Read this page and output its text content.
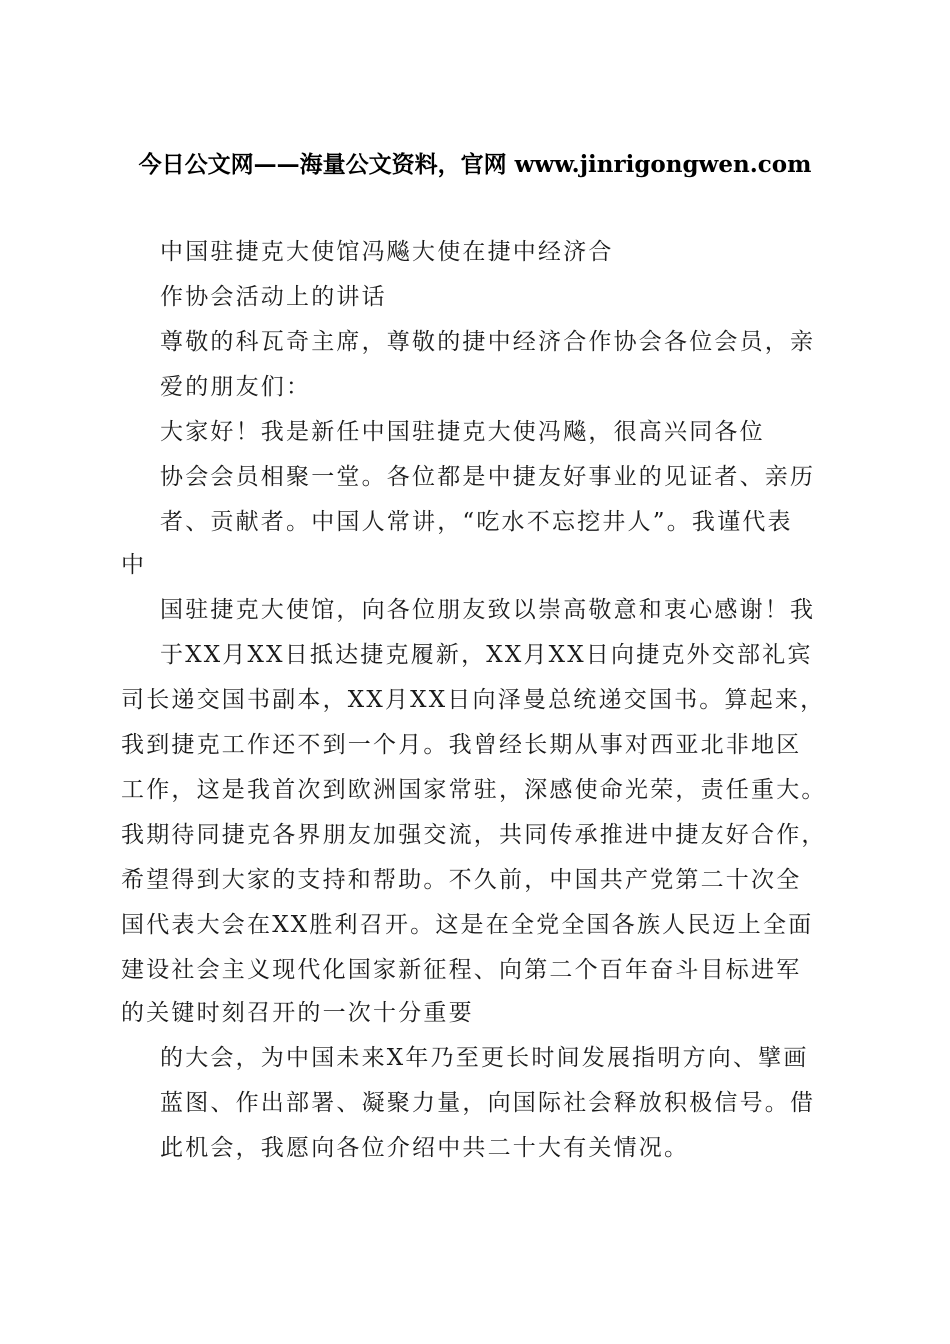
今日公文网——海量公文资料，官网 www.jinrigongwen.com
中国驻捷克大使馆冯飚大使在捷中经济合
作协会活动上的讲话
尊敬的科瓦奇主席，尊敬的捷中经济合作协会各位会员，亲
爱的朋友们：
大家好！我是新任中国驻捷克大使冯飚，很高兴同各位
协会会员相聚一堂。各位都是中捷友好事业的见证者、亲历
者、贡献者。中国人常讲，“吃水不忘挖井人”。我谨代表
中
国驻捷克大使馆，向各位朋友致以崇高敬意和衷心感谢！我
于XX月XX日抵达捷克履新，XX月XX日向捷克外交部礼宾
司长递交国书副本，XX月XX日向泽曼总统递交国书。算起来，
我到捷克工作还不到一个月。我曾经长期从事对西亚北非地区
工作，这是我首次到欧洲国家常驻，深感使命光荣，责任重大。
我期待同捷克各界朋友加强交流，共同传承推进中捷友好合作，
希望得到大家的支持和帮助。不久前，中国共产党第二十次全
国代表大会在XX胜利召开。这是在全党全国各族人民迈上全面
建设社会主义现代化国家新征程、向第二个百年奋斗目标进军
的关键时刻召开的一次十分重要
的大会，为中国未来X年乃至更长时间发展指明方向、擘画
蓝图、作出部署、凝聚力量，向国际社会释放积极信号。借
此机会，我愿向各位介绍中共二十大有关情况。
